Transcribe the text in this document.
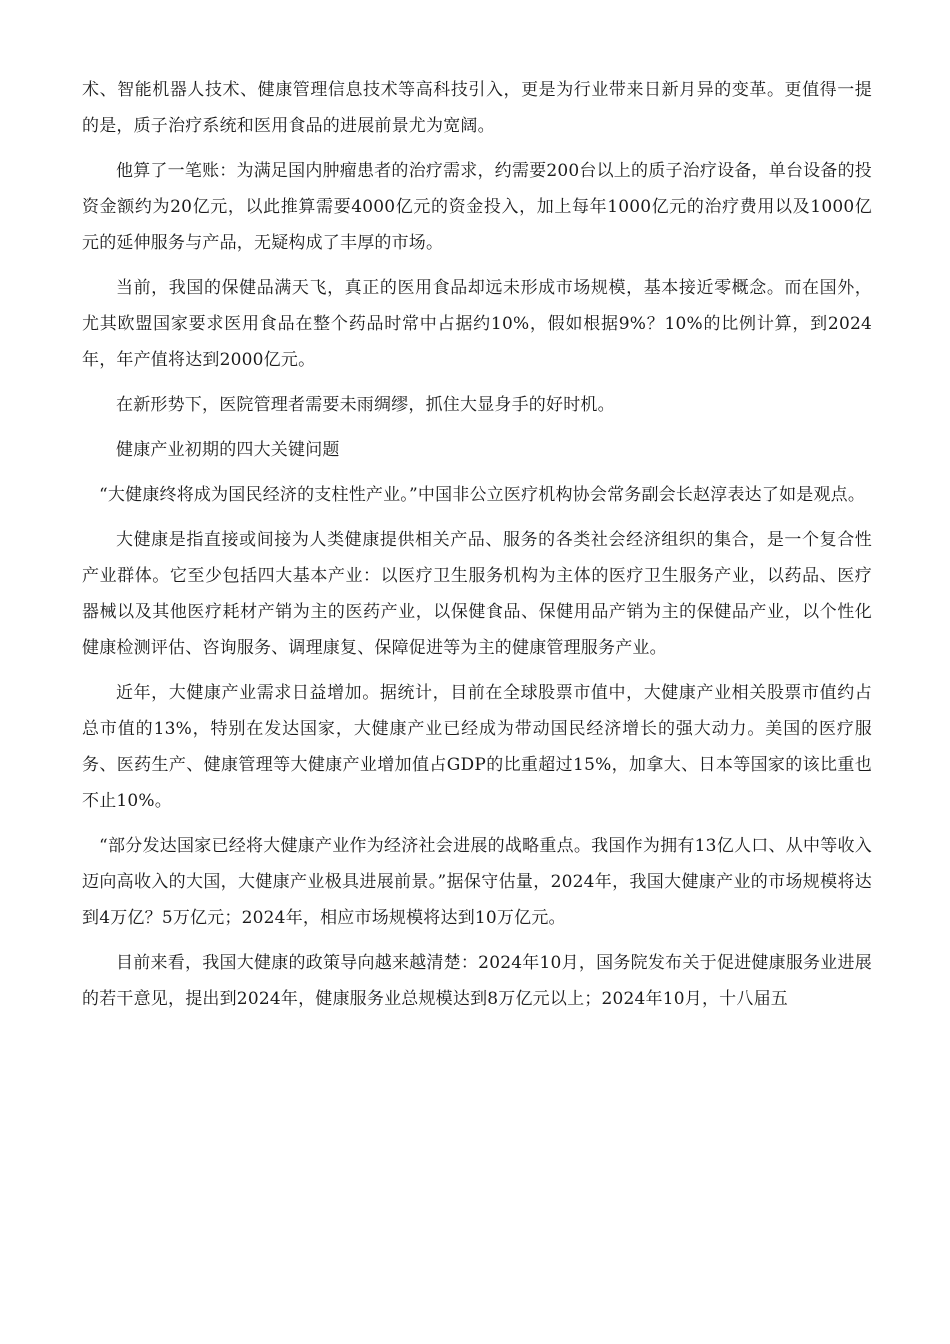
术、智能机器人技术、健康管理信息技术等高科技引入，更是为行业带来日新月异的变革。更值得一提的是，质子治疗系统和医用食品的进展前景尤为宽阔。

他算了一笔账：为满足国内肿瘤患者的治疗需求，约需要200台以上的质子治疗设备，单台设备的投资金额约为20亿元，以此推算需要4000亿元的资金投入，加上每年1000亿元的治疗费用以及1000亿元的延伸服务与产品，无疑构成了丰厚的市场。

当前，我国的保健品满天飞，真正的医用食品却远未形成市场规模，基本接近零概念。而在国外，尤其欧盟国家要求医用食品在整个药品时常中占据约10%，假如根据9%？10%的比例计算，到2024年，年产值将达到2000亿元。

在新形势下，医院管理者需要未雨绸缪，抓住大显身手的好时机。

健康产业初期的四大关键问题

“大健康终将成为国民经济的支柱性产业。”中国非公立医疗机构协会常务副会长赵淳表达了如是观点。

大健康是指直接或间接为人类健康提供相关产品、服务的各类社会经济组织的集合，是一个复合性产业群体。它至少包括四大基本产业：以医疗卫生服务机构为主体的医疗卫生服务产业，以药品、医疗器械以及其他医疗耗材产销为主的医药产业，以保健食品、保健用品产销为主的保健品产业，以个性化健康检测评估、咨询服务、调理康复、保障促进等为主的健康管理服务产业。

近年，大健康产业需求日益增加。据统计，目前在全球股票市值中，大健康产业相关股票市值约占总市值的13%，特别在发达国家，大健康产业已经成为带动国民经济增长的强大动力。美国的医疗服务、医药生产、健康管理等大健康产业增加值占GDP的比重超过15%，加拿大、日本等国家的该比重也不止10%。

“部分发达国家已经将大健康产业作为经济社会进展的战略重点。我国作为拥有13亿人口、从中等收入迈向高收入的大国，大健康产业极具进展前景。”据保守估量，2024年，我国大健康产业的市场规模将达到4万亿？5万亿元；2024年，相应市场规模将达到10万亿元。

目前来看，我国大健康的政策导向越来越清楚：2024年10月，国务院发布关于促进健康服务业进展的若干意见，提出到2024年，健康服务业总规模达到8万亿元以上；2024年10月，十八届五
